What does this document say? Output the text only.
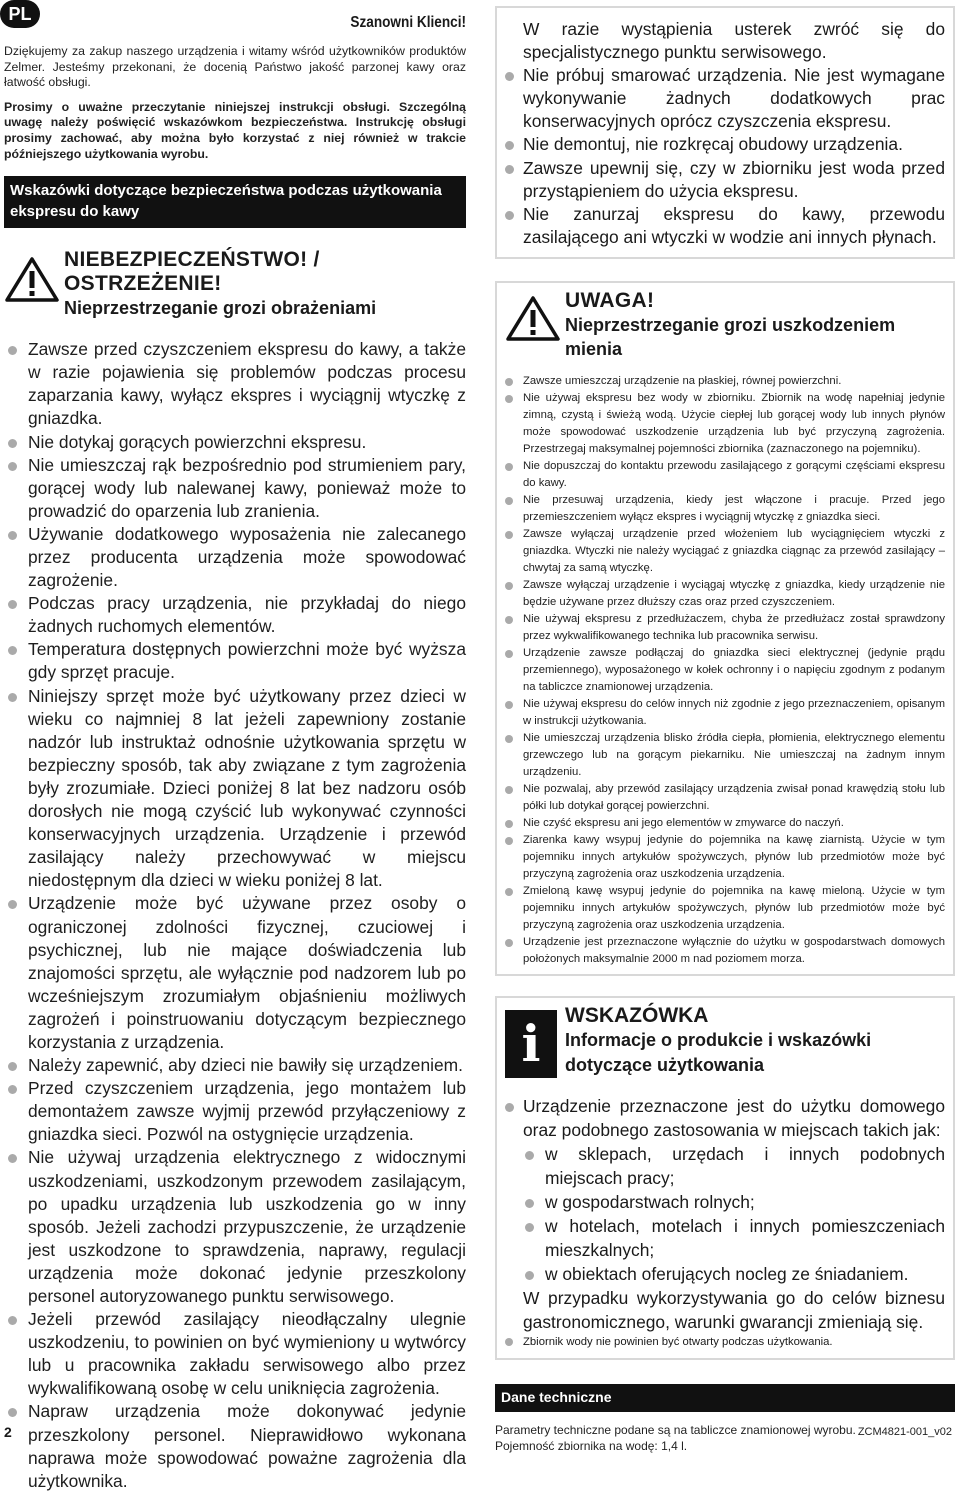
PL	Szanowni Klienci!

Dziękujemy za zakup naszego urządzenia i witamy wśród użytkowników produktów Zelmer. Jesteśmy przekonani, że docenią Państwo jakość parzonej kawy oraz łatwość obsługi.

Prosimy o uważne przeczytanie niniejszej instrukcji obsługi. Szczególną uwagę należy poświęcić wskazówkom bezpieczeństwa. Instrukcję obsługi prosimy zachować, aby można było korzystać z niej również w trakcie późniejszego użytkowania wyrobu.

Wskazówki dotyczące bezpieczeństwa podczas użytkowania ekspresu do kawy
NIEBEZPIECZEŃSTWO! / OSTRZEŻENIE!
Nieprzestrzeganie grozi obrażeniami
Zawsze przed czyszczeniem ekspresu do kawy, a także w razie pojawienia się problemów podczas procesu zaparzania kawy, wyłącz ekspres i wyciągnij wtyczkę z gniazdka.
Nie dotykaj gorących powierzchni ekspresu.
Nie umieszczaj rąk bezpośrednio pod strumieniem pary, gorącej wody lub nalewanej kawy, ponieważ może to prowadzić do oparzenia lub zranienia.
Używanie dodatkowego wyposażenia nie zalecanego przez producenta urządzenia może spowodować zagrożenie.
Podczas pracy urządzenia, nie przykładaj do niego żadnych ruchomych elementów.
Temperatura dostępnych powierzchni może być wyższa gdy sprzęt pracuje.
Niniejszy sprzęt może być użytkowany przez dzieci w wieku co najmniej 8 lat jeżeli zapewniony zostanie nadzór lub instruktaż odnośnie użytkowania sprzętu w bezpieczny sposób, tak aby związane z tym zagrożenia były zrozumiałe. Dzieci poniżej 8 lat bez nadzoru osób dorosłych nie mogą czyścić lub wykonywać czynności konserwacyjnych urządzenia. Urządzenie i przewód zasilający należy przechowywać w miejscu niedostępnym dla dzieci w wieku poniżej 8 lat.
Urządzenie może być używane przez osoby o ograniczonej zdolności fizycznej, czuciowej i psychicznej, lub nie mające doświadczenia lub znajomości sprzętu, ale wyłącznie pod nadzorem lub po wcześniejszym zrozumiałym objaśnieniu możliwych zagrożeń i poinstruowaniu dotyczącym bezpiecznego korzystania z urządzenia.
Należy zapewnić, aby dzieci nie bawiły się urządzeniem.
Przed czyszczeniem urządzenia, jego montażem lub demontażem zawsze wyjmij przewód przyłączeniowy z gniazdka sieci. Pozwól na ostygnięcie urządzenia.
Nie używaj urządzenia elektrycznego z widocznymi uszkodzeniami, uszkodzonym przewodem zasilającym, po upadku urządzenia lub uszkodzenia go w inny sposób. Jeżeli zachodzi przypuszczenie, że urządzenie jest uszkodzone to sprawdzenia, naprawy, regulacji urządzenia może dokonać jedynie przeszkolony personel autoryzowanego punktu serwisowego.
Jeżeli przewód zasilający nieodłączalny ulegnie uszkodzeniu, to powinien on być wymieniony u wytwórcy lub u pracownika zakładu serwisowego albo przez wykwalifikowaną osobę w celu uniknięcia zagrożenia.
Napraw urządzenia może dokonywać jedynie przeszkolony personel. Nieprawidłowo wykonana naprawa może spowodować poważne zagrożenia dla użytkownika.
W razie wystąpienia usterek zwróć się do specjalistycznego punktu serwisowego.
Nie próbuj smarować urządzenia. Nie jest wymagane wykonywanie żadnych dodatkowych prac konserwacyjnych oprócz czyszczenia ekspresu.
Nie demontuj, nie rozkręcaj obudowy urządzenia.
Zawsze upewnij się, czy w zbiorniku jest woda przed przystąpieniem do użycia ekspresu.
Nie zanurzaj ekspresu do kawy, przewodu zasilającego ani wtyczki w wodzie ani innych płynach.
UWAGA!
Nieprzestrzeganie grozi uszkodzeniem mienia
Zawsze umieszczaj urządzenie na płaskiej, równej powierzchni.
Nie używaj ekspresu bez wody w zbiorniku. Zbiornik na wodę napełniaj jedynie zimną, czystą i świeżą wodą. Użycie ciepłej lub gorącej wody lub innych płynów może spowodować uszkodzenie urządzenia lub być przyczyną zagrożenia. Przestrzegaj maksymalnej pojemności zbiornika (zaznaczonego na pojemniku).
Nie dopuszczaj do kontaktu przewodu zasilającego z gorącymi częściami ekspresu do kawy.
Nie przesuwaj urządzenia, kiedy jest włączone i pracuje. Przed jego przemieszczeniem wyłącz ekspres i wyciągnij wtyczkę z gniazdka sieci.
Zawsze wyłączaj urządzenie przed włożeniem lub wyciągnięciem wtyczki z gniazdka. Wtyczki nie należy wyciągać z gniazdka ciągnąc za przewód zasilający – chwytaj za samą wtyczkę.
Zawsze wyłączaj urządzenie i wyciągaj wtyczkę z gniazdka, kiedy urządzenie nie będzie używane przez dłuższy czas oraz przed czyszczeniem.
Nie używaj ekspresu z przedłużaczem, chyba że przedłużacz został sprawdzony przez wykwalifikowanego technika lub pracownika serwisu.
Urządzenie zawsze podłączaj do gniazdka sieci elektrycznej (jedynie prądu przemiennego), wyposażonego w kołek ochronny i o napięciu zgodnym z podanym na tabliczce znamionowej urządzenia.
Nie używaj ekspresu do celów innych niż zgodnie z jego przeznaczeniem, opisanym w instrukcji użytkowania.
Nie umieszczaj urządzenia blisko źródła ciepła, płomienia, elektrycznego elementu grzewczego lub na gorącym piekarniku. Nie umieszczaj na żadnym innym urządzeniu.
Nie pozwalaj, aby przewód zasilający urządzenia zwisał ponad krawędzią stołu lub półki lub dotykał gorącej powierzchni.
Nie czyść ekspresu ani jego elementów w zmywarce do naczyń.
Ziarenka kawy wsypuj jedynie do pojemnika na kawę ziarnistą. Użycie w tym pojemniku innych artykułów spożywczych, płynów lub przedmiotów może być przyczyną zagrożenia oraz uszkodzenia urządzenia.
Zmieloną kawę wsypuj jedynie do pojemnika na kawę mieloną. Użycie w tym pojemniku innych artykułów spożywczych, płynów lub przedmiotów może być przyczyną zagrożenia oraz uszkodzenia urządzenia.
Urządzenie jest przeznaczone wyłącznie do użytku w gospodarstwach domowych położonych maksymalnie 2000 m nad poziomem morza.
i	WSKAZÓWKA
Informacje o produkcie i wskazówki dotyczące użytkowania
Urządzenie przeznaczone jest do użytku domowego oraz podobnego zastosowania w miejscach takich jak:
w sklepach, urzędach i innych podobnych miejscach pracy;
w gospodarstwach rolnych;
w hotelach, motelach i innych pomieszczeniach mieszkalnych;
w obiektach oferujących nocleg ze śniadaniem.
W przypadku wykorzystywania go do celów biznesu gastronomicznego, warunki gwarancji zmieniają się.
Zbiornik wody nie powinien być otwarty podczas użytkowania.
Dane techniczne
Parametry techniczne podane są na tabliczce znamionowej wyrobu.
Pojemność zbiornika na wodę: 1,4 l.
2	ZCM4821-001_v02
